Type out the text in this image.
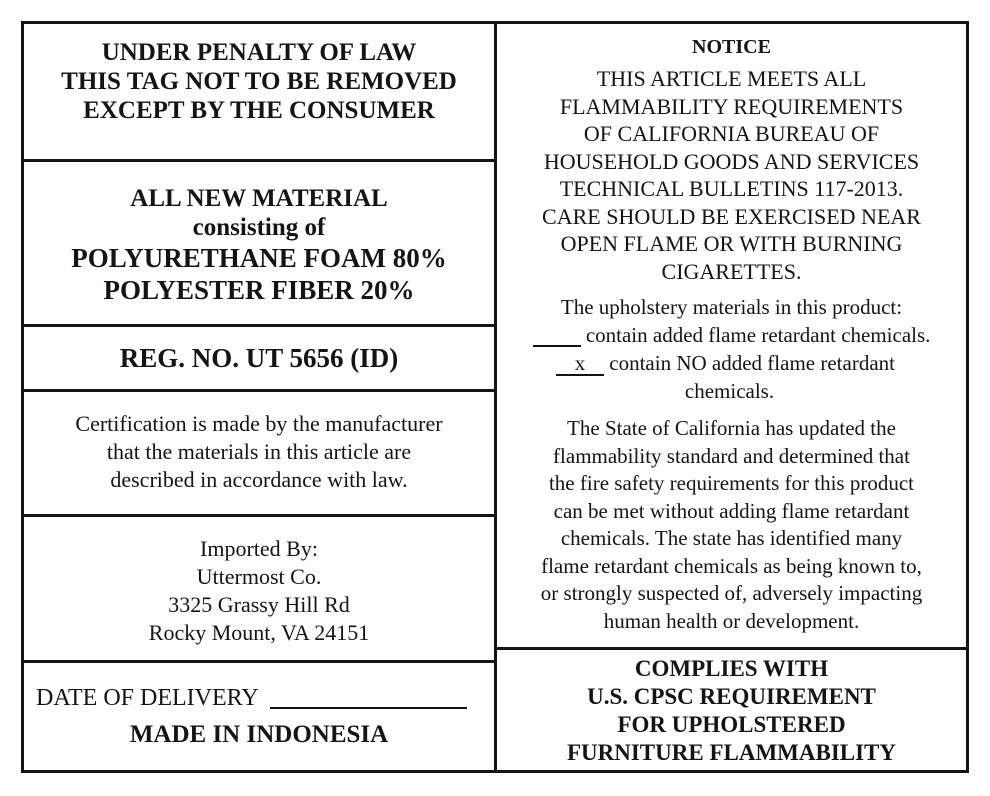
UNDER PENALTY OF LAW
THIS TAG NOT TO BE REMOVED
EXCEPT BY THE CONSUMER
ALL NEW MATERIAL
consisting of
POLYURETHANE FOAM 80%
POLYESTER FIBER 20%
REG. NO. UT 5656 (ID)
Certification is made by the manufacturer
that the materials in this article are
described in accordance with law.
Imported By:
Uttermost Co.
3325 Grassy Hill Rd
Rocky Mount, VA 24151
DATE OF DELIVERY
MADE IN INDONESIA
NOTICE
THIS ARTICLE MEETS ALL
FLAMMABILITY REQUIREMENTS
OF CALIFORNIA BUREAU OF
HOUSEHOLD GOODS AND SERVICES
TECHNICAL BULLETINS 117-2013.
CARE SHOULD BE EXERCISED NEAR
OPEN FLAME OR WITH BURNING
CIGARETTES.
The upholstery materials in this product:
contain added flame retardant chemicals.
x contain NO added flame retardant
chemicals.
The State of California has updated the
flammability standard and determined that
the fire safety requirements for this product
can be met without adding flame retardant
chemicals. The state has identified many
flame retardant chemicals as being known to,
or strongly suspected of, adversely impacting
human health or development.
COMPLIES WITH
U.S. CPSC REQUIREMENT
FOR UPHOLSTERED
FURNITURE FLAMMABILITY
